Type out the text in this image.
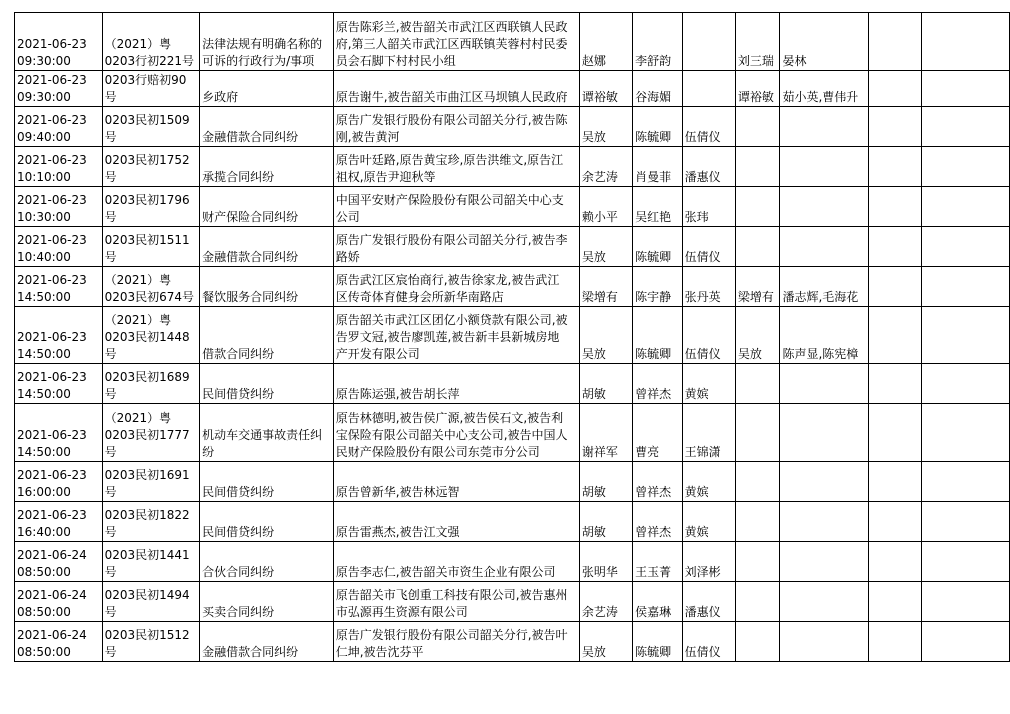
2021-06-23
09:30:00	（2021）粤
0203行初221号	法律法规有明确名称的
可诉的行政行为/事项	原告陈彩兰,被告韶关市武江区西联镇人民政
府,第三人韶关市武江区西联镇芙蓉村村民委
员会石脚下村村民小组	赵娜	李舒韵		刘三瑞	晏林		
2021-06-23
09:30:00	0203行赔初90
号	乡政府	原告谢牛,被告韶关市曲江区马坝镇人民政府	谭裕敏	谷海媚		谭裕敏	茹小英,曹伟升		
2021-06-23
09:40:00	0203民初1509
号	金融借款合同纠纷	原告广发银行股份有限公司韶关分行,被告陈
刚,被告黄河	吴放	陈毓卿	伍倩仪				
2021-06-23
10:10:00	0203民初1752
号	承揽合同纠纷	原告叶廷路,原告黄宝珍,原告洪维文,原告江
祖权,原告尹迎秋等	余艺涛	肖曼菲	潘惠仪				
2021-06-23
10:30:00	0203民初1796
号	财产保险合同纠纷	中国平安财产保险股份有限公司韶关中心支
公司	赖小平	吴红艳	张玮				
2021-06-23
10:40:00	0203民初1511
号	金融借款合同纠纷	原告广发银行股份有限公司韶关分行,被告李
路娇	吴放	陈毓卿	伍倩仪				
2021-06-23
14:50:00	（2021）粤
0203民初674号	餐饮服务合同纠纷	原告武江区宸怡商行,被告徐家龙,被告武江
区传奇体育健身会所新华南路店	梁增有	陈宇静	张丹英	梁增有	潘志辉,毛海花		
2021-06-23
14:50:00	（2021）粤
0203民初1448
号	借款合同纠纷	原告韶关市武江区团亿小额贷款有限公司,被
告罗文冠,被告廖凯莲,被告新丰县新城房地
产开发有限公司	吴放	陈毓卿	伍倩仪	吴放	陈声显,陈宪樟		
2021-06-23
14:50:00	0203民初1689
号	民间借贷纠纷	原告陈运强,被告胡长萍	胡敏	曾祥杰	黄嫔				
2021-06-23
14:50:00	（2021）粤
0203民初1777
号	机动车交通事故责任纠
纷	原告林德明,被告侯广源,被告侯石文,被告利
宝保险有限公司韶关中心支公司,被告中国人
民财产保险股份有限公司东莞市分公司	谢祥军	曹亮	王锦潇				
2021-06-23
16:00:00	0203民初1691
号	民间借贷纠纷	原告曾新华,被告林远智	胡敏	曾祥杰	黄嫔				
2021-06-23
16:40:00	0203民初1822
号	民间借贷纠纷	原告雷燕杰,被告江文强	胡敏	曾祥杰	黄嫔				
2021-06-24
08:50:00	0203民初1441
号	合伙合同纠纷	原告李志仁,被告韶关市资生企业有限公司	张明华	王玉菁	刘泽彬				
2021-06-24
08:50:00	0203民初1494
号	买卖合同纠纷	原告韶关市飞创重工科技有限公司,被告惠州
市弘源再生资源有限公司	余艺涛	侯嘉琳	潘惠仪				
2021-06-24
08:50:00	0203民初1512
号	金融借款合同纠纷	原告广发银行股份有限公司韶关分行,被告叶
仁坤,被告沈芬平	吴放	陈毓卿	伍倩仪				
